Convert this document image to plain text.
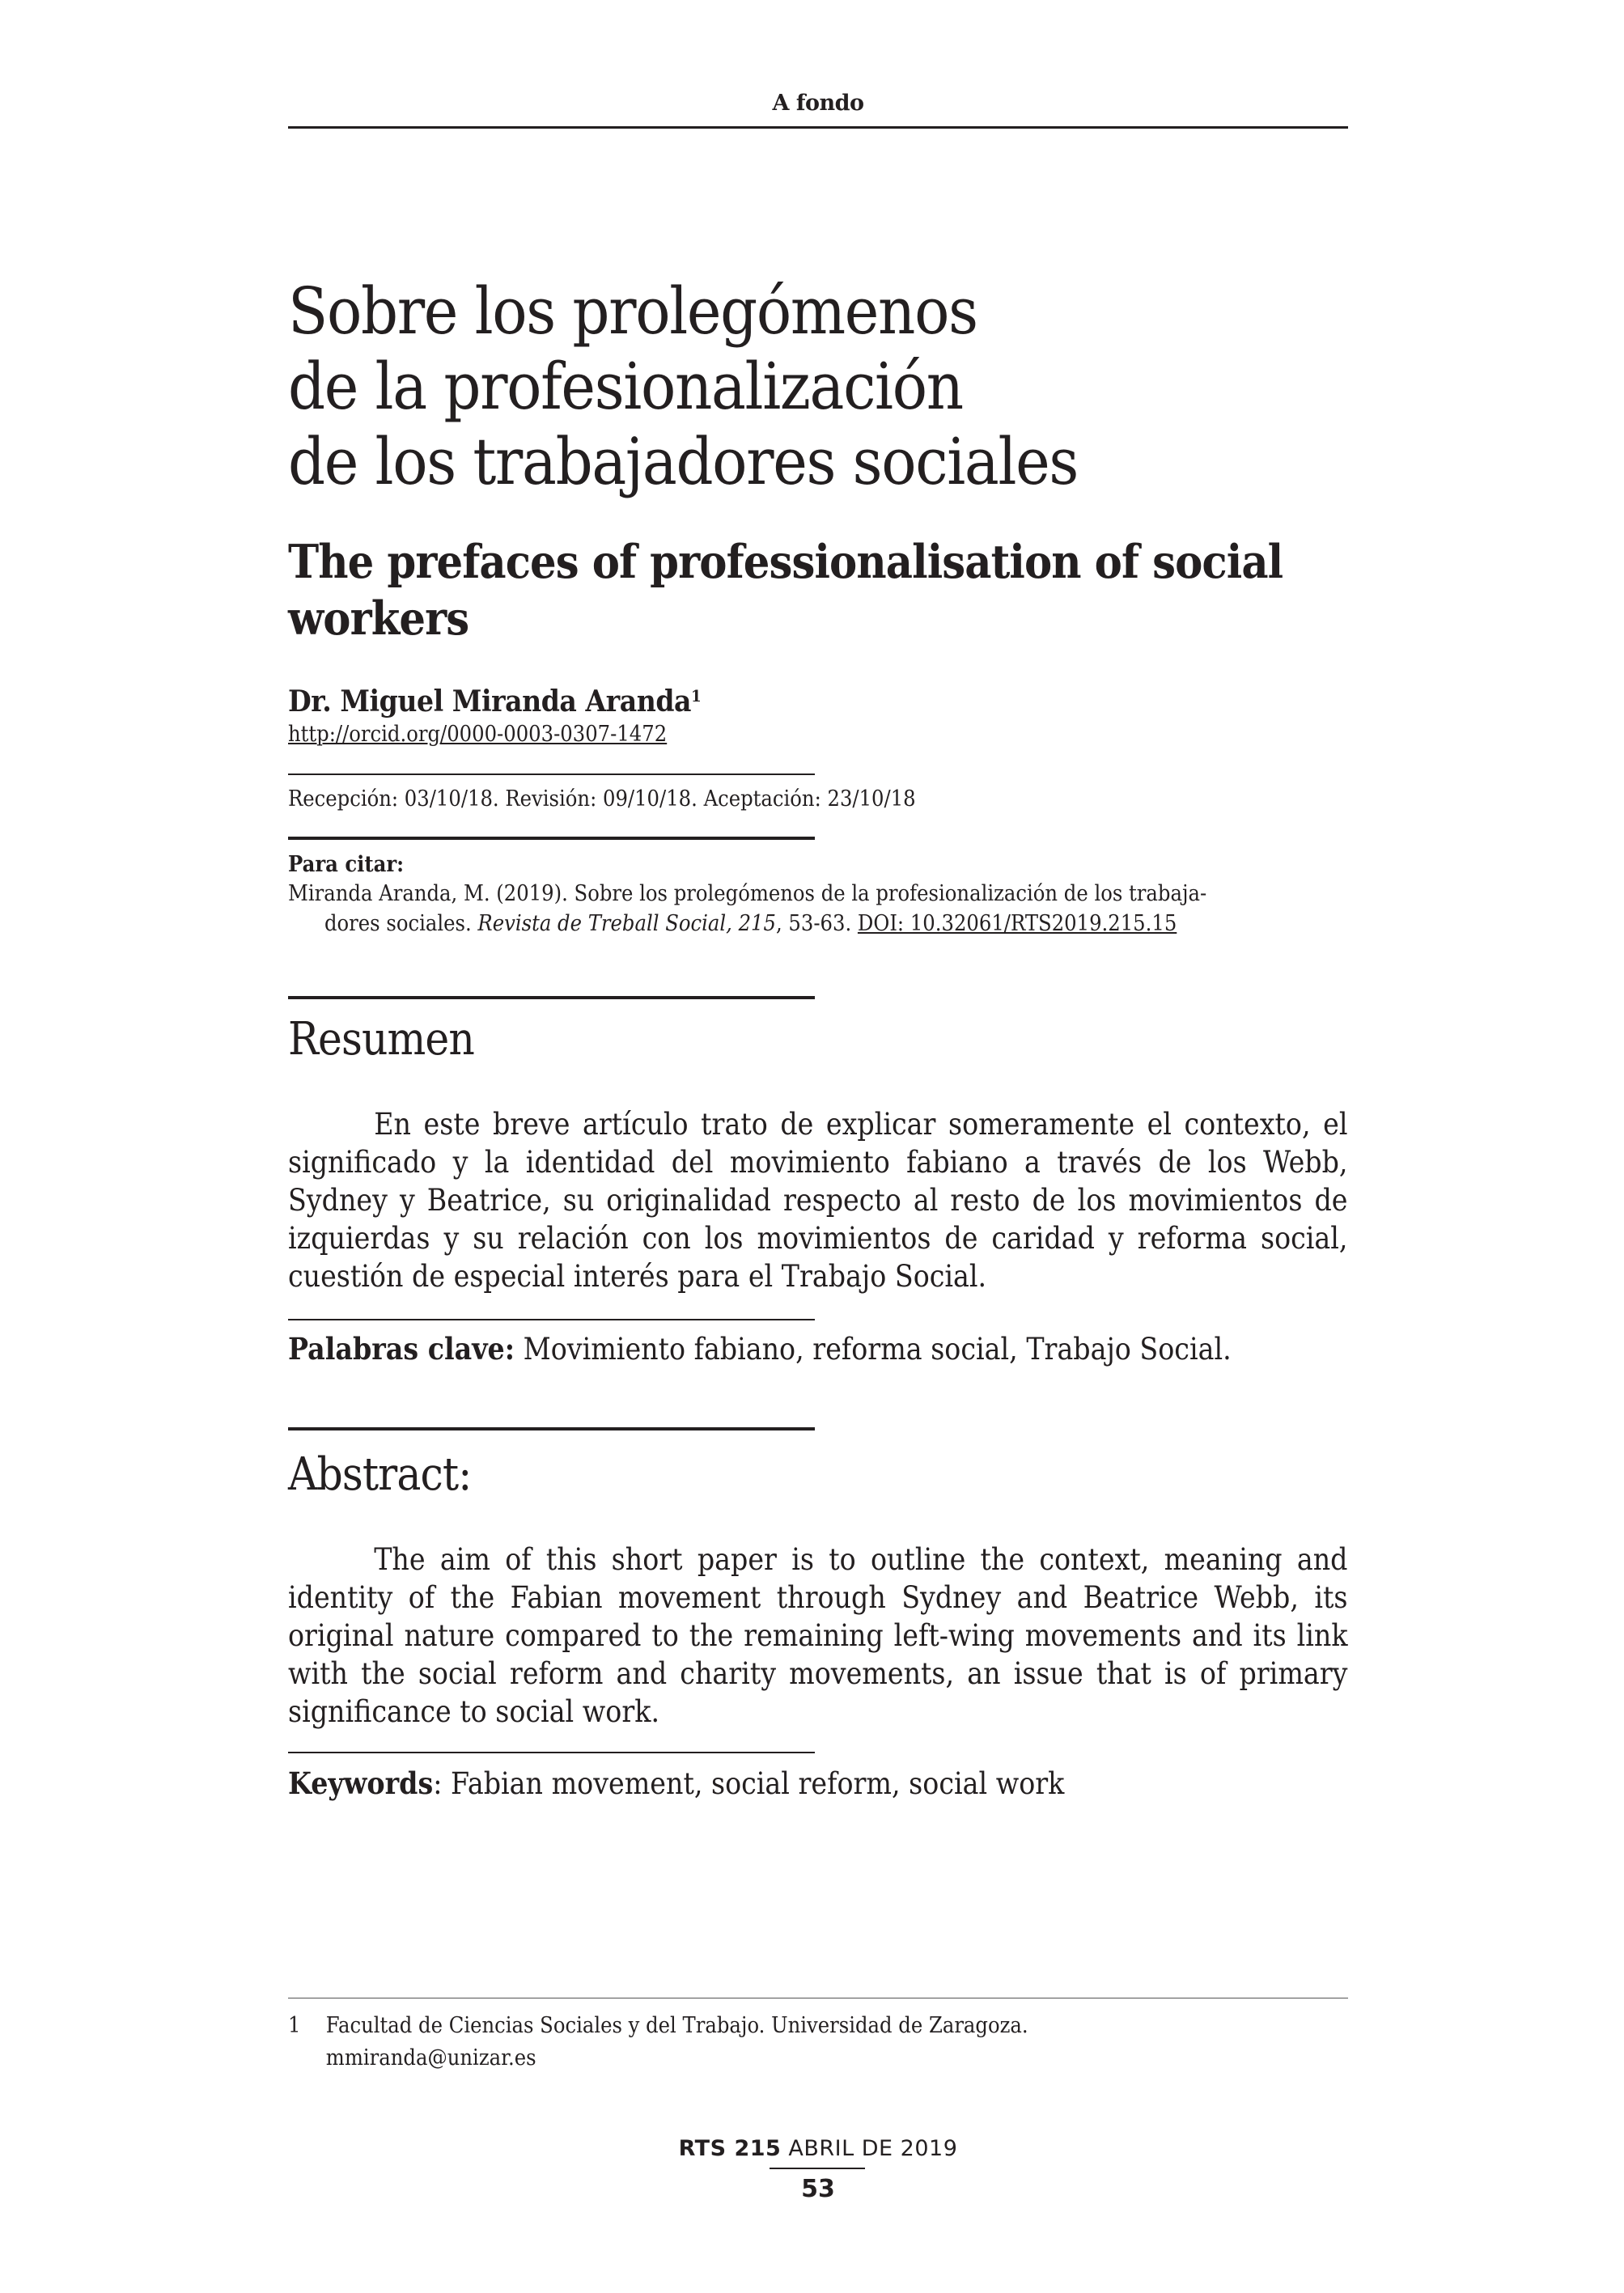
A fondo
Sobre los prolegómenos
de la profesionalización
de los trabajadores sociales
The prefaces of professionalisation of social workers
Dr. Miguel Miranda Aranda$^1$
http://orcid.org/0000-0003-0307-1472
Recepción: 03/10/18. Revisión: 09/10/18. Aceptación: 23/10/18
Para citar:
Miranda Aranda, M. (2019). Sobre los prolegómenos de la profesionalización de los trabaja-
dores sociales. Revista de Treball Social, 215, 53-63. DOI: 10.32061/RTS2019.215.15
Resumen

En este breve artículo trato de explicar someramente el contexto, el significado y la identidad del movimiento fabiano a través de los Webb, Sydney y Beatrice, su originalidad respecto al resto de los movimientos de izquierdas y su relación con los movimientos de caridad y reforma social, cuestión de especial interés para el Trabajo Social.

Palabras clave: Movimiento fabiano, reforma social, Trabajo Social.
Abstract:

The aim of this short paper is to outline the context, meaning and identity of the Fabian movement through Sydney and Beatrice Webb, its original nature compared to the remaining left-wing movements and its link with the social reform and charity movements, an issue that is of primary significance to social work.

Keywords: Fabian movement, social reform, social work
1 Facultad de Ciencias Sociales y del Trabajo. Universidad de Zaragoza.
mmiranda@unizar.es
RTS 215 ABRIL DE 2019
53
